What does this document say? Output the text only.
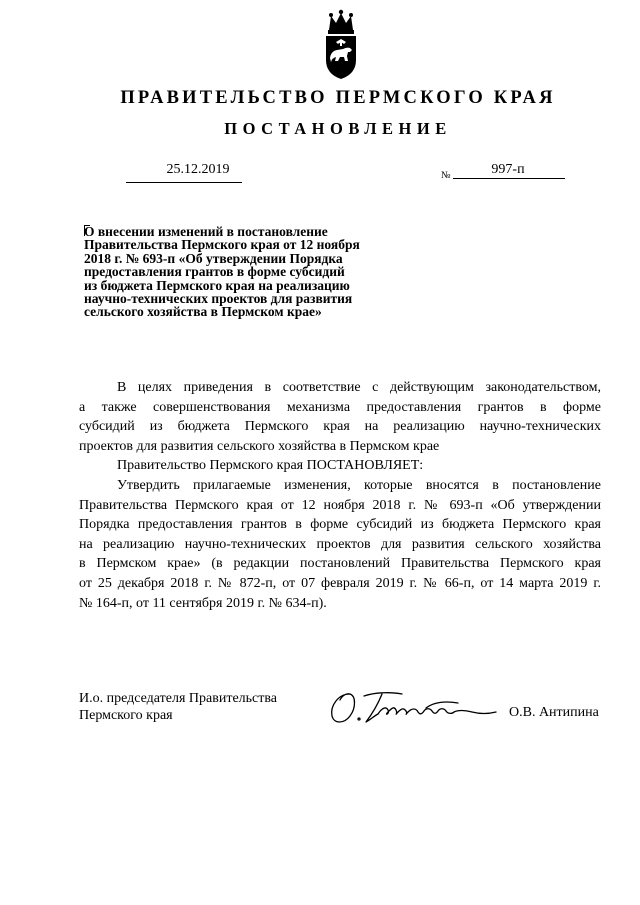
ПРАВИТЕЛЬСТВО ПЕРМСКОГО КРАЯ
ПОСТАНОВЛЕНИЕ
25.12.2019	№	997-п
О внесении изменений в постановление
Правительства Пермского края от 12 ноября
2018 г. № 693-п «Об утверждении Порядка
предоставления грантов в форме субсидий
из бюджета Пермского края на реализацию
научно-технических проектов для развития
сельского хозяйства в Пермском крае»
В целях приведения в соответствие с действующим законодательством,
а также совершенствования механизма предоставления грантов в форме
субсидий из бюджета Пермского края на реализацию научно-технических
проектов для развития сельского хозяйства в Пермском крае
Правительство Пермского края ПОСТАНОВЛЯЕТ:
Утвердить прилагаемые изменения, которые вносятся в постановление
Правительства Пермского края от 12 ноября 2018 г. № 693-п «Об утверждении
Порядка предоставления грантов в форме субсидий из бюджета Пермского края
на реализацию научно-технических проектов для развития сельского хозяйства
в Пермском крае» (в редакции постановлений Правительства Пермского края
от 25 декабря 2018 г. № 872-п, от 07 февраля 2019 г. № 66-п, от 14 марта 2019 г.
№ 164-п, от 11 сентября 2019 г. № 634-п).
И.о. председателя Правительства
Пермского края	О.В. Антипина
